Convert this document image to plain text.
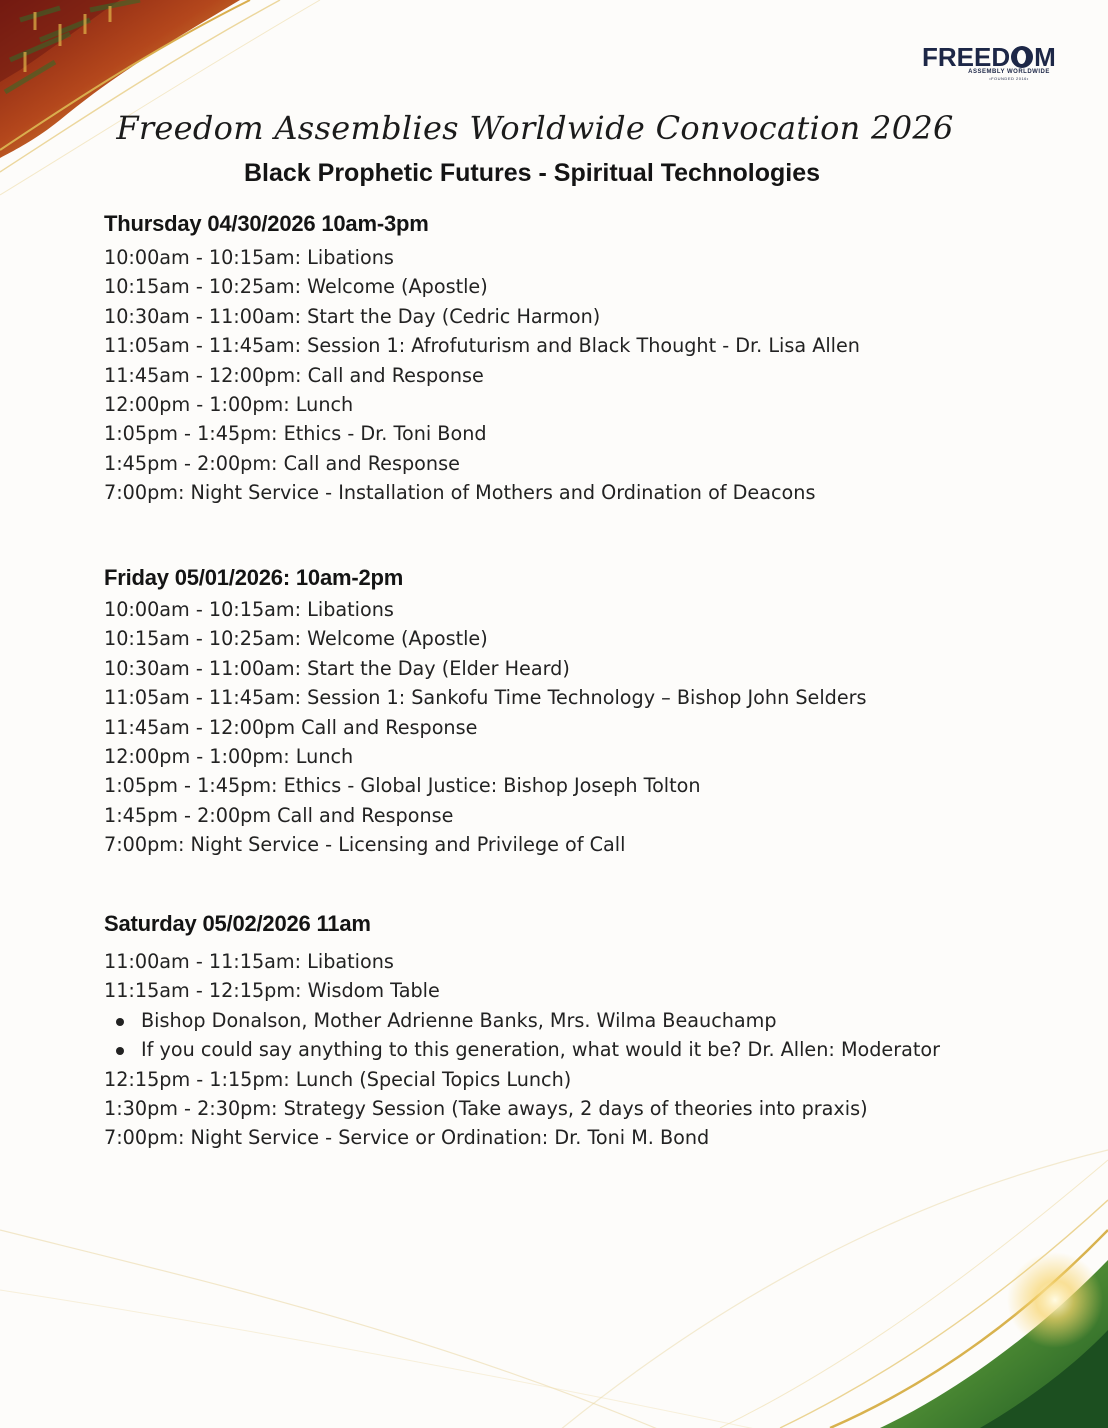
FREED M
ASSEMBLY WORLDWIDE
•FOUNDED 2016•
Freedom Assemblies Worldwide Convocation 2026
Black Prophetic Futures - Spiritual Technologies
Thursday 04/30/2026 10am-3pm
10:00am - 10:15am: Libations
10:15am - 10:25am: Welcome (Apostle)
10:30am - 11:00am: Start the Day (Cedric Harmon)
11:05am - 11:45am: Session 1: Afrofuturism and Black Thought - Dr. Lisa Allen
11:45am - 12:00pm: Call and Response
12:00pm - 1:00pm: Lunch
1:05pm - 1:45pm: Ethics - Dr. Toni Bond
1:45pm - 2:00pm: Call and Response
7:00pm: Night Service - Installation of Mothers and Ordination of Deacons
Friday 05/01/2026: 10am-2pm
10:00am - 10:15am: Libations
10:15am - 10:25am: Welcome (Apostle)
10:30am - 11:00am: Start the Day (Elder Heard)
11:05am - 11:45am: Session 1: Sankofu Time Technology – Bishop John Selders
11:45am - 12:00pm Call and Response
12:00pm - 1:00pm: Lunch
1:05pm - 1:45pm: Ethics - Global Justice: Bishop Joseph Tolton
1:45pm - 2:00pm Call and Response
7:00pm: Night Service - Licensing and Privilege of Call
Saturday 05/02/2026 11am
11:00am - 11:15am: Libations
11:15am - 12:15pm: Wisdom Table
Bishop Donalson, Mother Adrienne Banks, Mrs. Wilma Beauchamp
If you could say anything to this generation, what would it be? Dr. Allen: Moderator
12:15pm - 1:15pm: Lunch (Special Topics Lunch)
1:30pm - 2:30pm: Strategy Session (Take aways, 2 days of theories into praxis)
7:00pm: Night Service - Service or Ordination: Dr. Toni M. Bond
